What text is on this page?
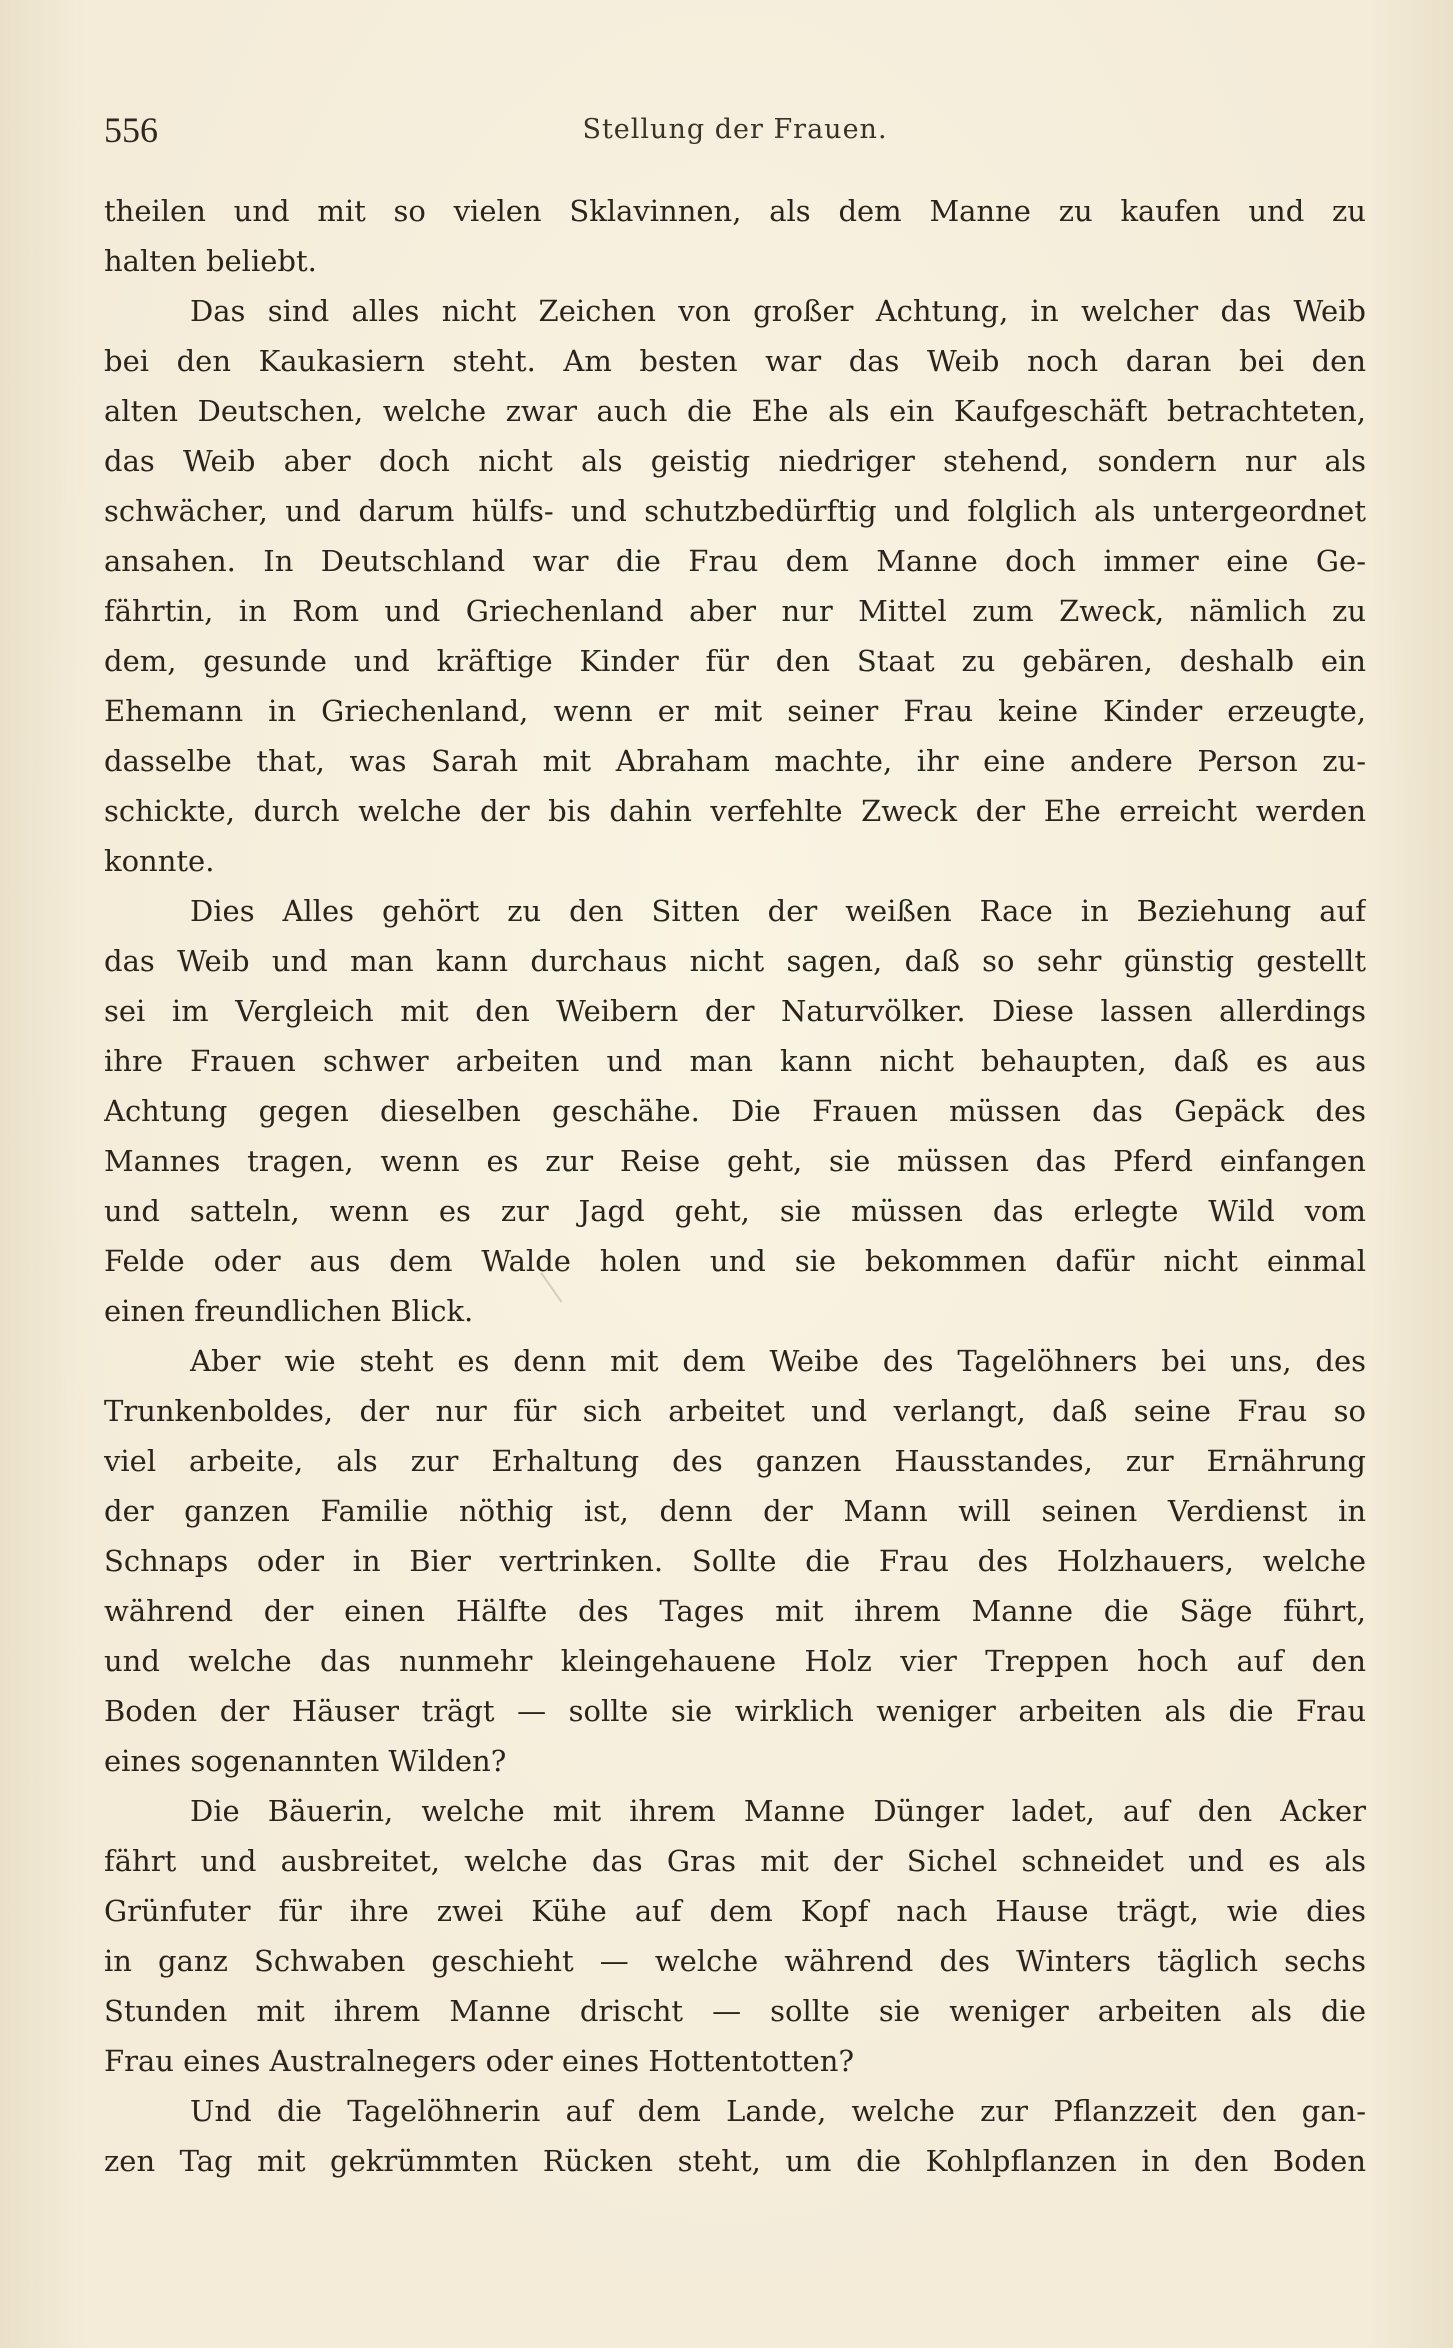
556	Stellung der Frauen.
theilen und mit so vielen Sklavinnen, als dem Manne zu kaufen und zu
halten beliebt.
Das sind alles nicht Zeichen von großer Achtung, in welcher das Weib
bei den Kaukasiern steht. Am besten war das Weib noch daran bei den
alten Deutschen, welche zwar auch die Ehe als ein Kaufgeschäft betrachteten,
das Weib aber doch nicht als geistig niedriger stehend, sondern nur als
schwächer, und darum hülfs- und schutzbedürftig und folglich als untergeordnet
ansahen. In Deutschland war die Frau dem Manne doch immer eine Ge-
fährtin, in Rom und Griechenland aber nur Mittel zum Zweck, nämlich zu
dem, gesunde und kräftige Kinder für den Staat zu gebären, deshalb ein
Ehemann in Griechenland, wenn er mit seiner Frau keine Kinder erzeugte,
dasselbe that, was Sarah mit Abraham machte, ihr eine andere Person zu-
schickte, durch welche der bis dahin verfehlte Zweck der Ehe erreicht werden
konnte.
Dies Alles gehört zu den Sitten der weißen Race in Beziehung auf
das Weib und man kann durchaus nicht sagen, daß so sehr günstig gestellt
sei im Vergleich mit den Weibern der Naturvölker. Diese lassen allerdings
ihre Frauen schwer arbeiten und man kann nicht behaupten, daß es aus
Achtung gegen dieselben geschähe. Die Frauen müssen das Gepäck des
Mannes tragen, wenn es zur Reise geht, sie müssen das Pferd einfangen
und satteln, wenn es zur Jagd geht, sie müssen das erlegte Wild vom
Felde oder aus dem Walde holen und sie bekommen dafür nicht einmal
einen freundlichen Blick.
Aber wie steht es denn mit dem Weibe des Tagelöhners bei uns, des
Trunkenboldes, der nur für sich arbeitet und verlangt, daß seine Frau so
viel arbeite, als zur Erhaltung des ganzen Hausstandes, zur Ernährung
der ganzen Familie nöthig ist, denn der Mann will seinen Verdienst in
Schnaps oder in Bier vertrinken. Sollte die Frau des Holzhauers, welche
während der einen Hälfte des Tages mit ihrem Manne die Säge führt,
und welche das nunmehr kleingehauene Holz vier Treppen hoch auf den
Boden der Häuser trägt — sollte sie wirklich weniger arbeiten als die Frau
eines sogenannten Wilden?
Die Bäuerin, welche mit ihrem Manne Dünger ladet, auf den Acker
fährt und ausbreitet, welche das Gras mit der Sichel schneidet und es als
Grünfuter für ihre zwei Kühe auf dem Kopf nach Hause trägt, wie dies
in ganz Schwaben geschieht — welche während des Winters täglich sechs
Stunden mit ihrem Manne drischt — sollte sie weniger arbeiten als die
Frau eines Australnegers oder eines Hottentotten?
Und die Tagelöhnerin auf dem Lande, welche zur Pflanzzeit den gan-
zen Tag mit gekrümmten Rücken steht, um die Kohlpflanzen in den Boden
